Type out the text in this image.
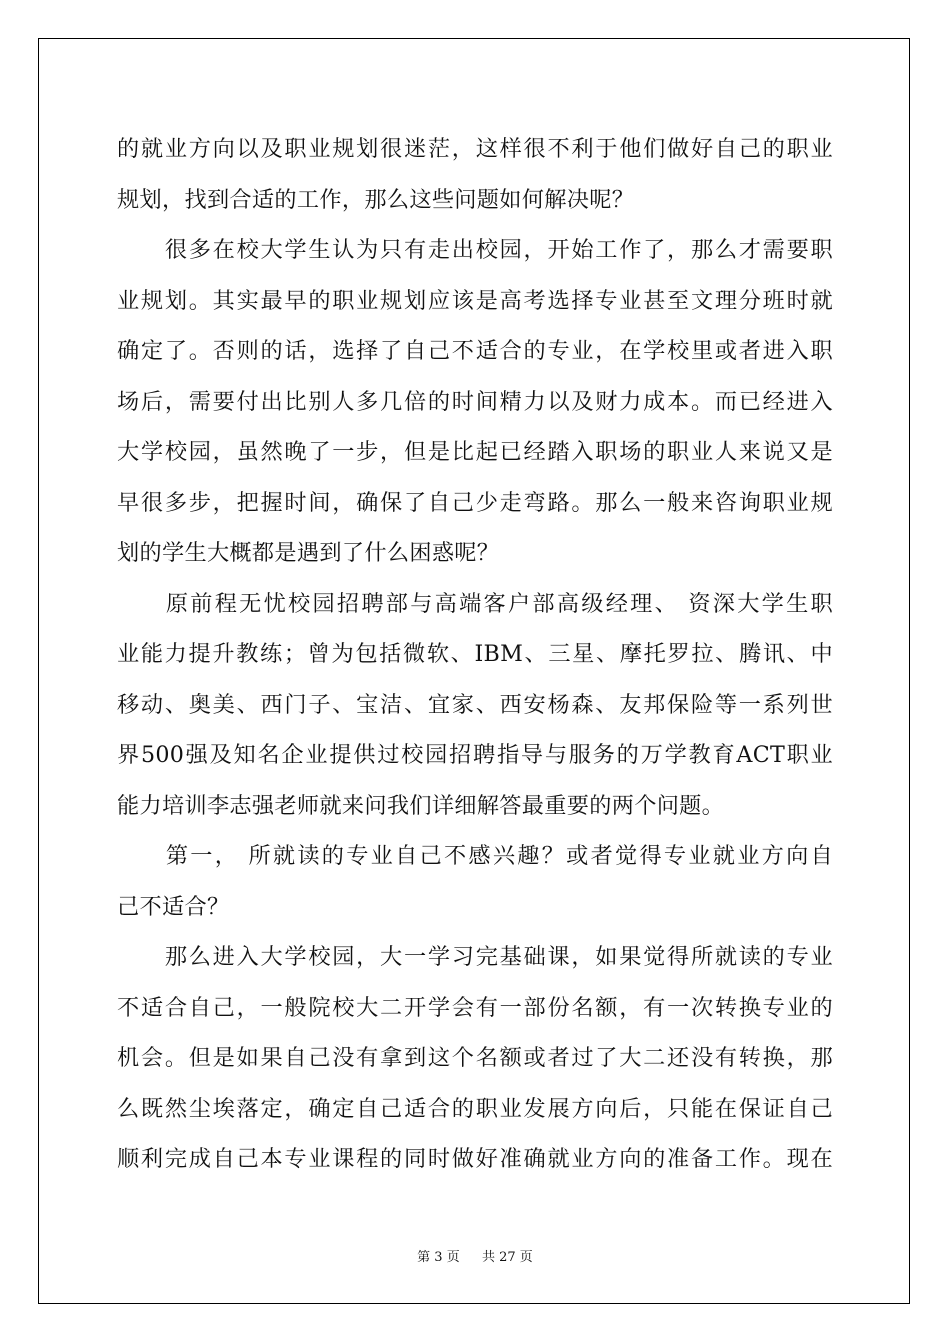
的就业方向以及职业规划很迷茫，这样很不利于他们做好自己的职业
规划，找到合适的工作，那么这些问题如何解决呢？

　　很多在校大学生认为只有走出校园，开始工作了，那么才需要职
业规划。其实最早的职业规划应该是高考选择专业甚至文理分班时就
确定了。否则的话，选择了自己不适合的专业，在学校里或者进入职
场后，需要付出比别人多几倍的时间精力以及财力成本。而已经进入
大学校园，虽然晚了一步，但是比起已经踏入职场的职业人来说又是
早很多步，把握时间，确保了自己少走弯路。那么一般来咨询职业规
划的学生大概都是遇到了什么困惑呢？

　　原前程无忧校园招聘部与高端客户部高级经理、 资深大学生职
业能力提升教练；曾为包括微软、IBM、三星、摩托罗拉、腾讯、中
移动、奥美、西门子、宝洁、宜家、西安杨森、友邦保险等一系列世
界500强及知名企业提供过校园招聘指导与服务的万学教育ACT职业
能力培训李志强老师就来问我们详细解答最重要的两个问题。

　　第一， 所就读的专业自己不感兴趣？或者觉得专业就业方向自
己不适合？

　　那么进入大学校园，大一学习完基础课，如果觉得所就读的专业
不适合自己，一般院校大二开学会有一部份名额，有一次转换专业的
机会。但是如果自己没有拿到这个名额或者过了大二还没有转换，那
么既然尘埃落定，确定自己适合的职业发展方向后，只能在保证自己
顺利完成自己本专业课程的同时做好准确就业方向的准备工作。现在

第 3 页 共 27 页
